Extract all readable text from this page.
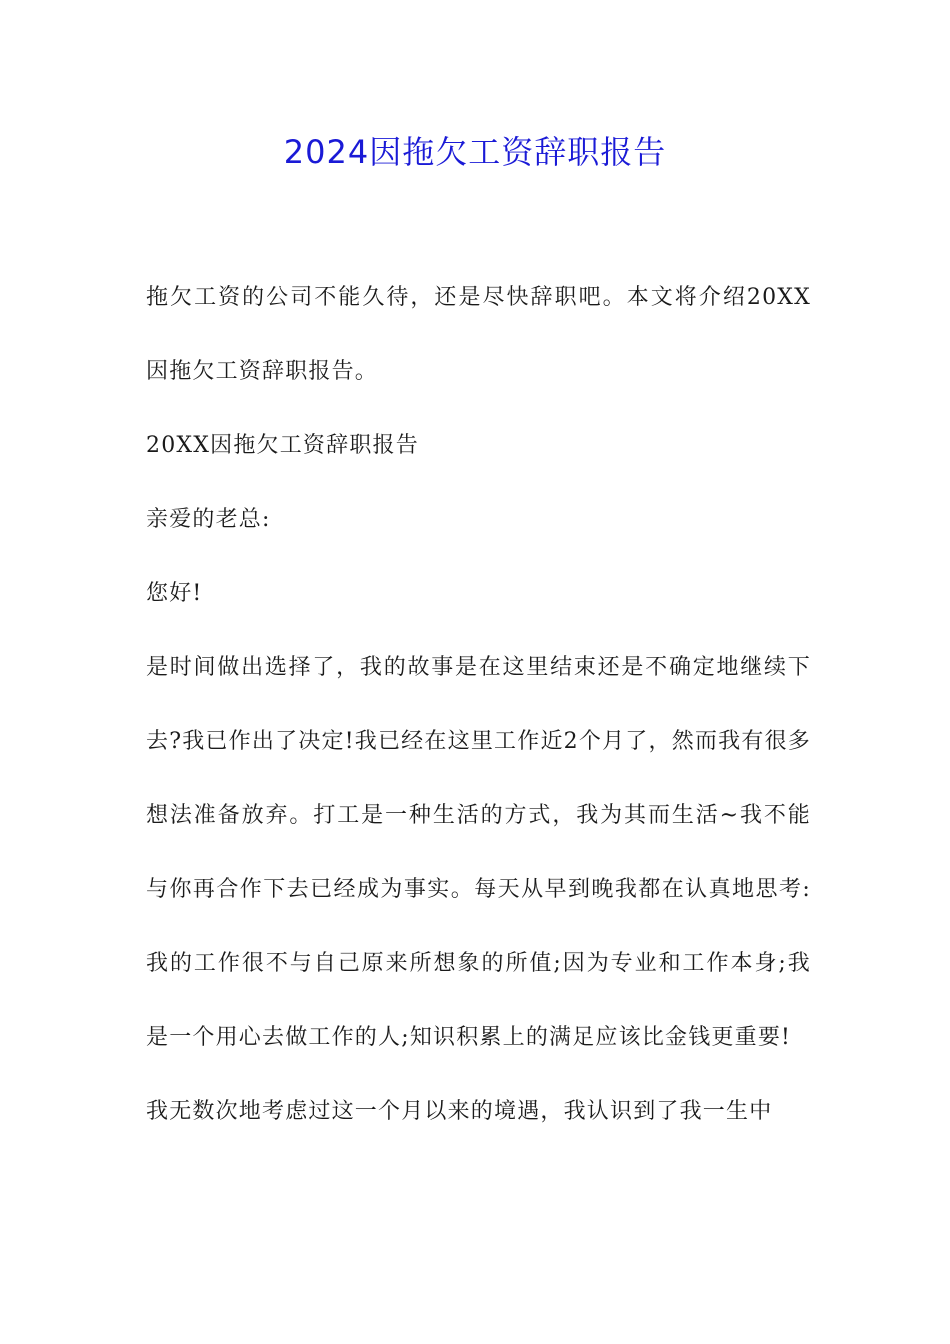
2024因拖欠工资辞职报告

拖欠工资的公司不能久待，还是尽快辞职吧。本文将介绍20XX因拖欠工资辞职报告。

20XX因拖欠工资辞职报告

亲爱的老总:

您好!

是时间做出选择了，我的故事是在这里结束还是不确定地继续下去?我已作出了决定!我已经在这里工作近2个月了，然而我有很多想法准备放弃。打工是一种生活的方式，我为其而生活~我不能与你再合作下去已经成为事实。每天从早到晚我都在认真地思考:我的工作很不与自己原来所想象的所值;因为专业和工作本身;我是一个用心去做工作的人;知识积累上的满足应该比金钱更重要!

我无数次地考虑过这一个月以来的境遇，我认识到了我一生中
